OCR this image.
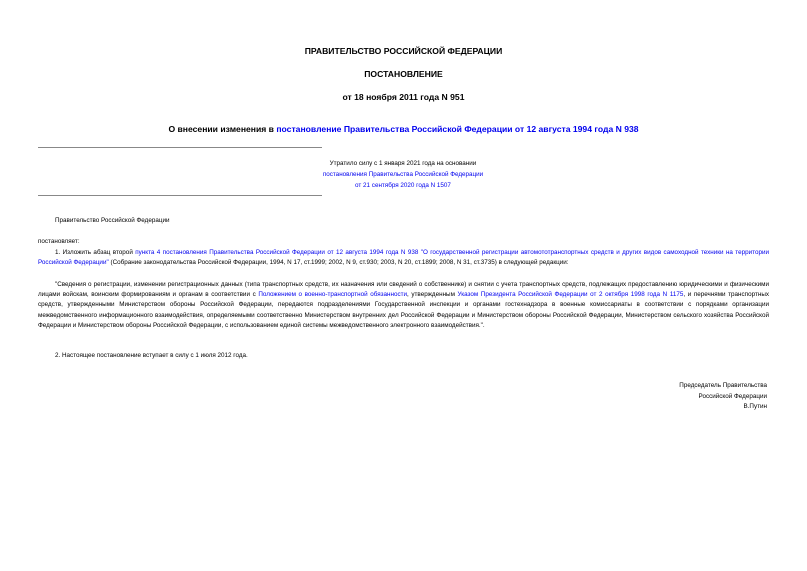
ПРАВИТЕЛЬСТВО РОССИЙСКОЙ ФЕДЕРАЦИИ
ПОСТАНОВЛЕНИЕ
от 18 ноября 2011 года N 951
О внесении изменения в постановление Правительства Российской Федерации от 12 августа 1994 года N 938
Утратило силу с 1 января 2021 года на основании
постановления Правительства Российской Федерации
от 21 сентября 2020 года N 1507
Правительство Российской Федерации
постановляет:
1. Изложить абзац второй пункта 4 постановления Правительства Российской Федерации от 12 августа 1994 года N 938 "О государственной регистрации автомототранспортных средств и других видов самоходной техники на территории Российской Федерации" (Собрание законодательства Российской Федерации, 1994, N 17, ст.1999; 2002, N 9, ст.930; 2003, N 20, ст.1899; 2008, N 31, ст.3735) в следующей редакции:
"Сведения о регистрации, изменении регистрационных данных (типа транспортных средств, их назначения или сведений о собственнике) и снятии с учета транспортных средств, подлежащих предоставлению юридическими и физическими лицами войскам, воинским формированиям и органам в соответствии с Положением о военно-транспортной обязанности, утвержденным Указом Президента Российской Федерации от 2 октября 1998 года N 1175, и перечнями транспортных средств, утвержденными Министерством обороны Российской Федерации, передаются подразделениями Государственной инспекции и органами гостехнадзора в военные комиссариаты в соответствии с порядками организации межведомственного информационного взаимодействия, определяемыми соответственно Министерством внутренних дел Российской Федерации и Министерством обороны Российской Федерации, Министерством сельского хозяйства Российской Федерации и Министерством обороны Российской Федерации, с использованием единой системы межведомственного электронного взаимодействия.".
2. Настоящее постановление вступает в силу с 1 июля 2012 года.
Председатель Правительства
Российской Федерации
В.Путин
